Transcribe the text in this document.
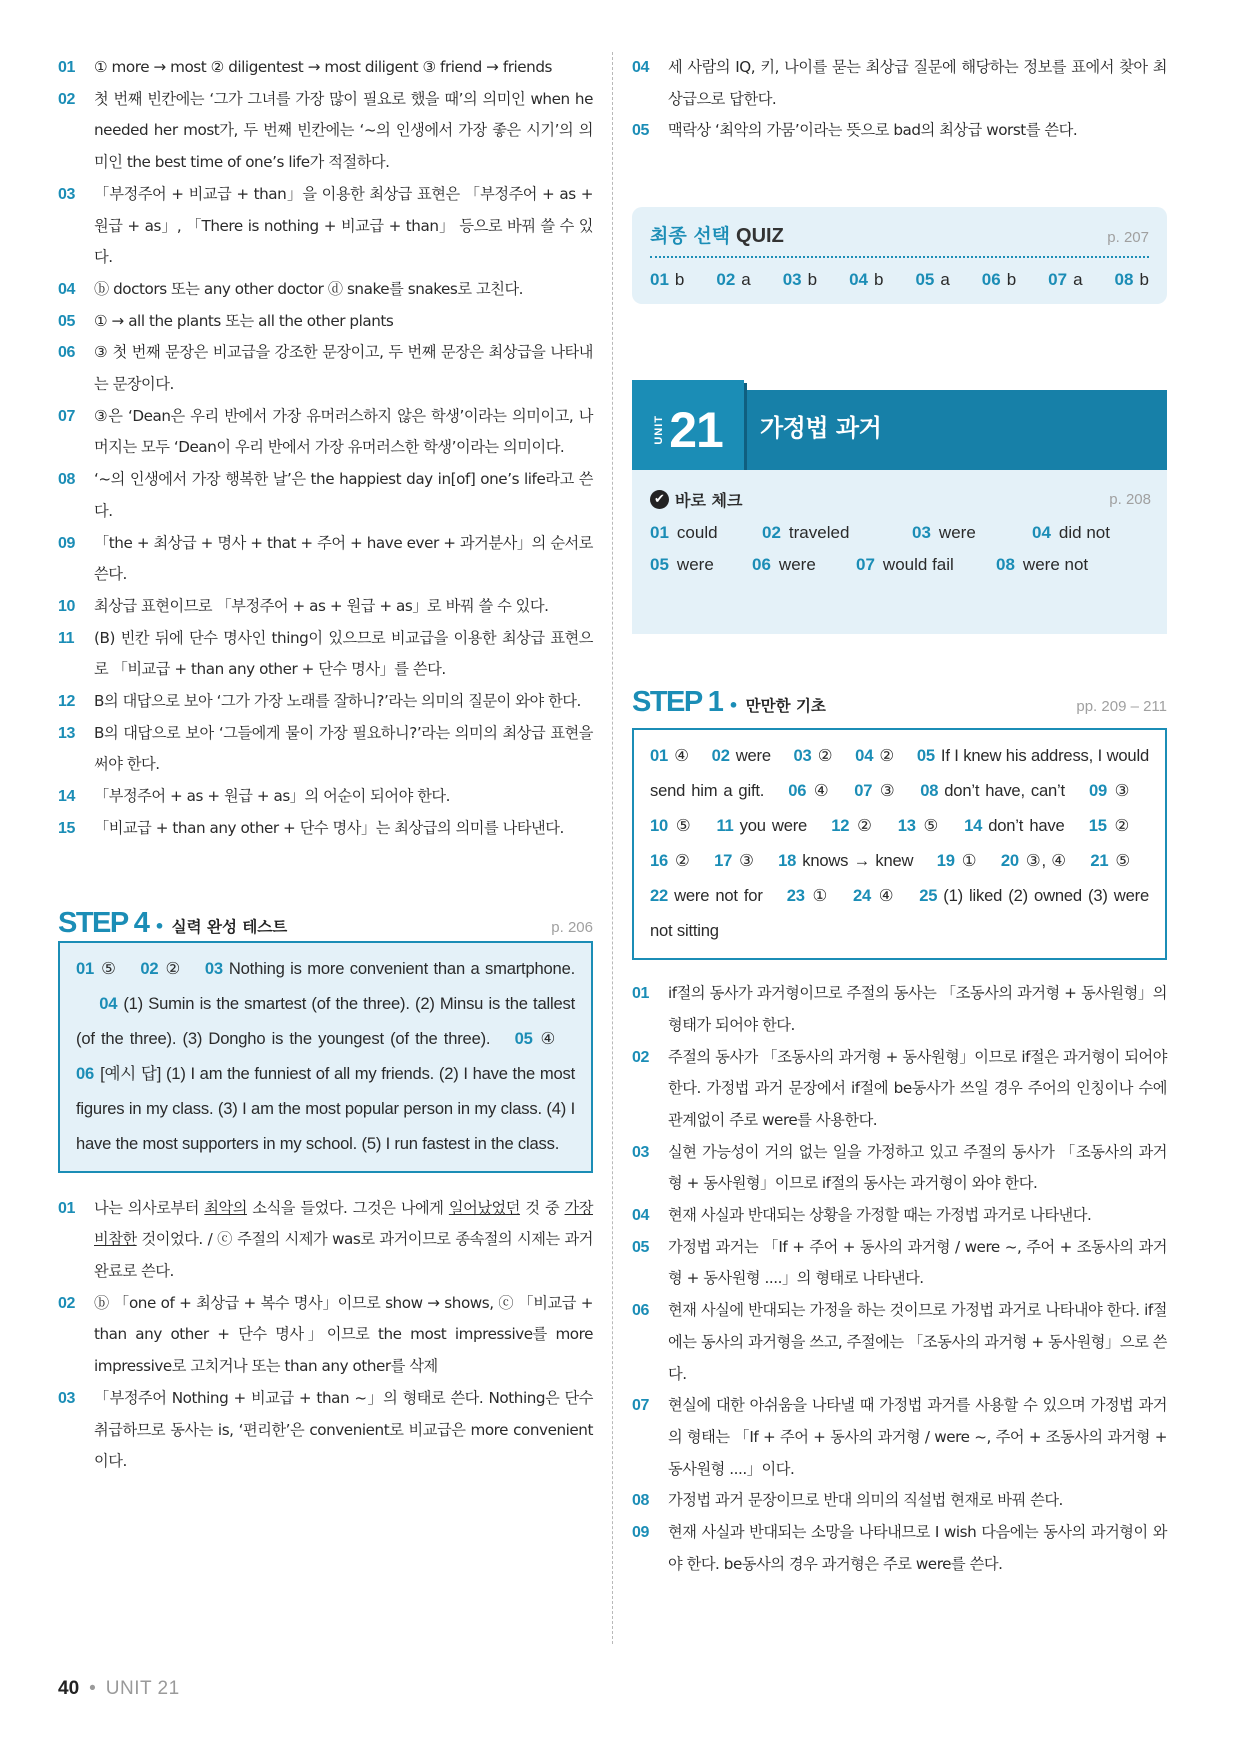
01	① more → most ② diligentest → most diligent ③ friend → friends
02	첫 번째 빈칸에는 ‘그가 그녀를 가장 많이 필요로 했을 때’의 의미인 when he needed her most가, 두 번째 빈칸에는 ‘~의 인생에서 가장 좋은 시기’의 의미인 the best time of one’s life가 적절하다.
03	「부정주어 + 비교급 + than」을 이용한 최상급 표현은 「부정주어 + as + 원급 + as」, 「There is nothing + 비교급 + than」 등으로 바꿔 쓸 수 있다.
04	ⓑ doctors 또는 any other doctor ⓓ snake를 snakes로 고친다.
05	① → all the plants 또는 all the other plants
06	③ 첫 번째 문장은 비교급을 강조한 문장이고, 두 번째 문장은 최상급을 나타내는 문장이다.
07	③은 ‘Dean은 우리 반에서 가장 유머러스하지 않은 학생’이라는 의미이고, 나머지는 모두 ‘Dean이 우리 반에서 가장 유머러스한 학생’이라는 의미이다.
08	‘~의 인생에서 가장 행복한 날’은 the happiest day in[of] one’s life라고 쓴다.
09	「the + 최상급 + 명사 + that + 주어 + have ever + 과거분사」의 순서로 쓴다.
10	최상급 표현이므로 「부정주어 + as + 원급 + as」로 바꿔 쓸 수 있다.
11	(B) 빈칸 뒤에 단수 명사인 thing이 있으므로 비교급을 이용한 최상급 표현으로 「비교급 + than any other + 단수 명사」를 쓴다.
12	B의 대답으로 보아 ‘그가 가장 노래를 잘하니?’라는 의미의 질문이 와야 한다.
13	B의 대답으로 보아 ‘그들에게 물이 가장 필요하니?’라는 의미의 최상급 표현을 써야 한다.
14	「부정주어 + as + 원급 + as」의 어순이 되어야 한다.
15	「비교급 + than any other + 단수 명사」는 최상급의 의미를 나타낸다.
STEP 4 • 실력 완성 테스트	p. 206
01 ⑤ 02 ② 03 Nothing is more convenient than a smartphone. 04 (1) Sumin is the smartest (of the three). (2) Minsu is the tallest (of the three). (3) Dongho is the youngest (of the three). 05 ④ 06 [예시 답] (1) I am the funniest of all my friends. (2) I have the most figures in my class. (3) I am the most popular person in my class. (4) I have the most supporters in my school. (5) I run fastest in the class.
01	나는 의사로부터 최악의 소식을 들었다. 그것은 나에게 일어났었던 것 중 가장 비참한 것이었다. / ⓒ 주절의 시제가 was로 과거이므로 종속절의 시제는 과거 완료로 쓴다.
02	ⓑ 「one of + 최상급 + 복수 명사」이므로 show → shows, ⓒ 「비교급 + than any other + 단수 명사」이므로 the most impressive를 more impressive로 고치거나 또는 than any other를 삭제
03	「부정주어 Nothing + 비교급 + than ~」의 형태로 쓴다. Nothing은 단수 취급하므로 동사는 is, ‘편리한’은 convenient로 비교급은 more convenient이다.
04	세 사람의 IQ, 키, 나이를 묻는 최상급 질문에 해당하는 정보를 표에서 찾아 최상급으로 답한다.
05	맥락상 ‘최악의 가뭄’이라는 뜻으로 bad의 최상급 worst를 쓴다.
최종 선택 QUIZ	p. 207
01 b 02 a 03 b 04 b 05 a 06 b 07 a 08 b
UNIT 21 가정법 과거
✔ 바로 체크	p. 208
01 could	02 traveled	03 were	04 did not
05 were	06 were	07 would fail	08 were not
STEP 1 • 만만한 기초	pp. 209 – 211
01 ④ 02 were 03 ② 04 ② 05 If I knew his address, I would send him a gift. 06 ④ 07 ③ 08 don’t have, can’t 09 ③ 10 ⑤ 11 you were 12 ② 13 ⑤ 14 don’t have 15 ② 16 ② 17 ③ 18 knows → knew 19 ① 20 ③, ④ 21 ⑤ 22 were not for 23 ① 24 ④ 25 (1) liked (2) owned (3) were not sitting
01	if절의 동사가 과거형이므로 주절의 동사는 「조동사의 과거형 + 동사원형」의 형태가 되어야 한다.
02	주절의 동사가 「조동사의 과거형 + 동사원형」이므로 if절은 과거형이 되어야 한다. 가정법 과거 문장에서 if절에 be동사가 쓰일 경우 주어의 인칭이나 수에 관계없이 주로 were를 사용한다.
03	실현 가능성이 거의 없는 일을 가정하고 있고 주절의 동사가 「조동사의 과거형 + 동사원형」이므로 if절의 동사는 과거형이 와야 한다.
04	현재 사실과 반대되는 상황을 가정할 때는 가정법 과거로 나타낸다.
05	가정법 과거는 「If + 주어 + 동사의 과거형 / were ~, 주어 + 조동사의 과거형 + 동사원형 ....」의 형태로 나타낸다.
06	현재 사실에 반대되는 가정을 하는 것이므로 가정법 과거로 나타내야 한다. if절에는 동사의 과거형을 쓰고, 주절에는 「조동사의 과거형 + 동사원형」으로 쓴다.
07	현실에 대한 아쉬움을 나타낼 때 가정법 과거를 사용할 수 있으며 가정법 과거의 형태는 「If + 주어 + 동사의 과거형 / were ~, 주어 + 조동사의 과거형 + 동사원형 ....」이다.
08	가정법 과거 문장이므로 반대 의미의 직설법 현재로 바꿔 쓴다.
09	현재 사실과 반대되는 소망을 나타내므로 I wish 다음에는 동사의 과거형이 와야 한다. be동사의 경우 과거형은 주로 were를 쓴다.
40 • UNIT 21
